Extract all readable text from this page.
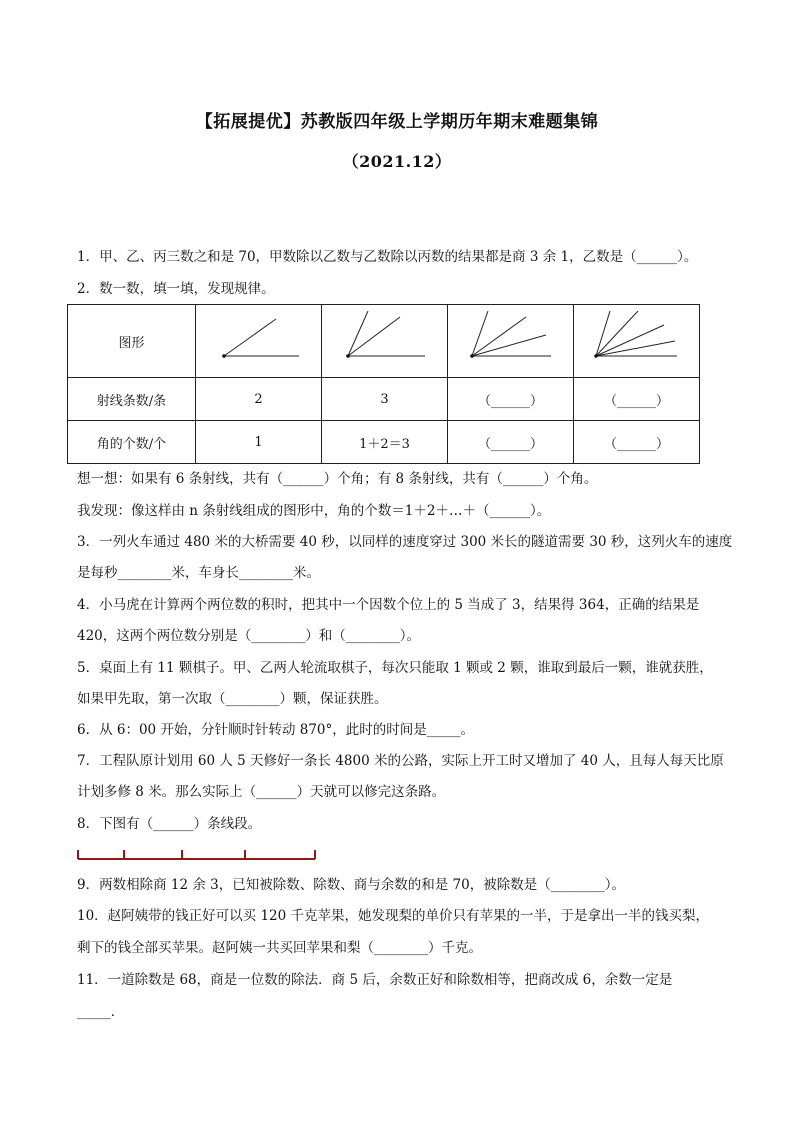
【拓展提优】苏教版四年级上学期历年期末难题集锦
（2021.12）
1．甲、乙、丙三数之和是 70，甲数除以乙数与乙数除以丙数的结果都是商 3 余 1，乙数是（______）。
2．数一数，填一填，发现规律。
图形	

射线条数/条	2	3	（______）	（______）
角的个数/个	1	1＋2＝3	（______）	（______）
想一想：如果有 6 条射线，共有（______）个角；有 8 条射线，共有（______）个角。
我发现：像这样由 n 条射线组成的图形中，角的个数＝1＋2＋…＋（______）。
3．一列火车通过 480 米的大桥需要 40 秒，以同样的速度穿过 300 米长的隧道需要 30 秒，这列火车的速度
是每秒________米，车身长________米。
4．小马虎在计算两个两位数的积时，把其中一个因数个位上的 5 当成了 3，结果得 364，正确的结果是
420，这两个两位数分别是（________）和（________）。
5．桌面上有 11 颗棋子。甲、乙两人轮流取棋子，每次只能取 1 颗或 2 颗，谁取到最后一颗，谁就获胜，
如果甲先取，第一次取（________）颗，保证获胜。
6．从 6：00 开始，分针顺时针转动 870°，此时的时间是_____。
7．工程队原计划用 60 人 5 天修好一条长 4800 米的公路，实际上开工时又增加了 40 人，且每人每天比原
计划多修 8 米。那么实际上（______）天就可以修完这条路。
8．下图有（______）条线段。
9．两数相除商 12 余 3，已知被除数、除数、商与余数的和是 70，被除数是（________）。
10．赵阿姨带的钱正好可以买 120 千克苹果，她发现梨的单价只有苹果的一半，于是拿出一半的钱买梨，
剩下的钱全部买苹果。赵阿姨一共买回苹果和梨（________）千克。
11．一道除数是 68，商是一位数的除法．商 5 后，余数正好和除数相等，把商改成 6，余数一定是
_____．
